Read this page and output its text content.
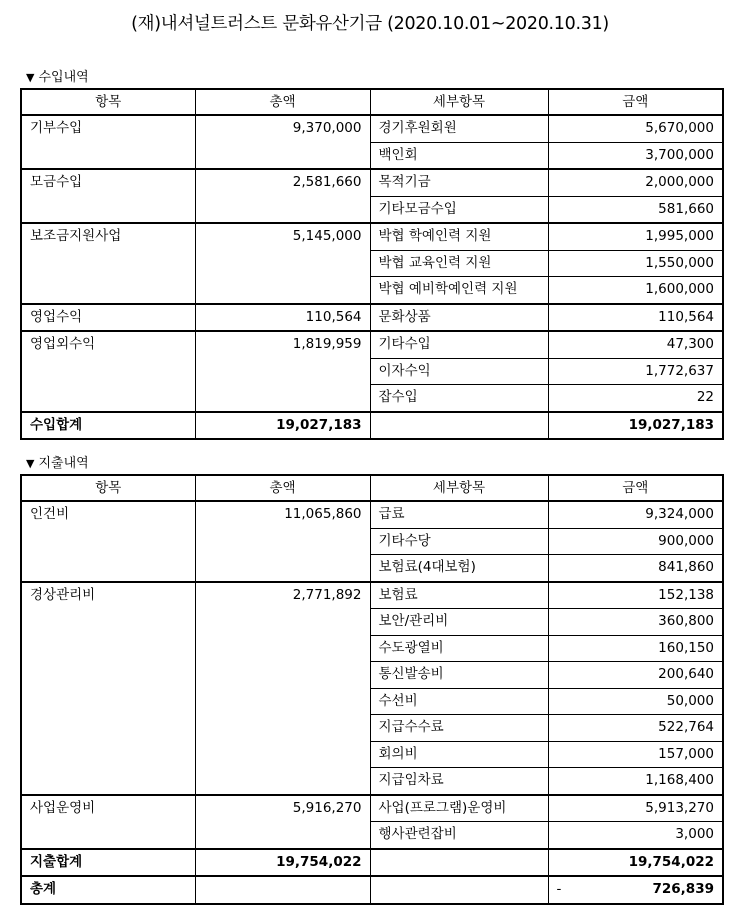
(재)내셔널트러스트 문화유산기금 (2020.10.01~2020.10.31)
▼ 수입내역
항목	총액	세부항목	금액
기부수입	9,370,000	경기후원회원	5,670,000
		백인회	3,700,000
모금수입	2,581,660	목적기금	2,000,000
		기타모금수입	581,660
보조금지원사업	5,145,000	박협 학예인력 지원	1,995,000
		박협 교육인력 지원	1,550,000
		박협 예비학예인력 지원	1,600,000
영업수익	110,564	문화상품	110,564
영업외수익	1,819,959	기타수입	47,300
		이자수익	1,772,637
		잡수입	22
수입합계	19,027,183		19,027,183
▼ 지출내역
항목	총액	세부항목	금액
인건비	11,065,860	급료	9,324,000
		기타수당	900,000
		보험료(4대보험)	841,860
경상관리비	2,771,892	보험료	152,138
		보안/관리비	360,800
		수도광열비	160,150
		통신발송비	200,640
		수선비	50,000
		지급수수료	522,764
		회의비	157,000
		지급임차료	1,168,400
사업운영비	5,916,270	사업(프로그램)운영비	5,913,270
		행사관련잡비	3,000
지출합계	19,754,022		19,754,022
총계			- 726,839
